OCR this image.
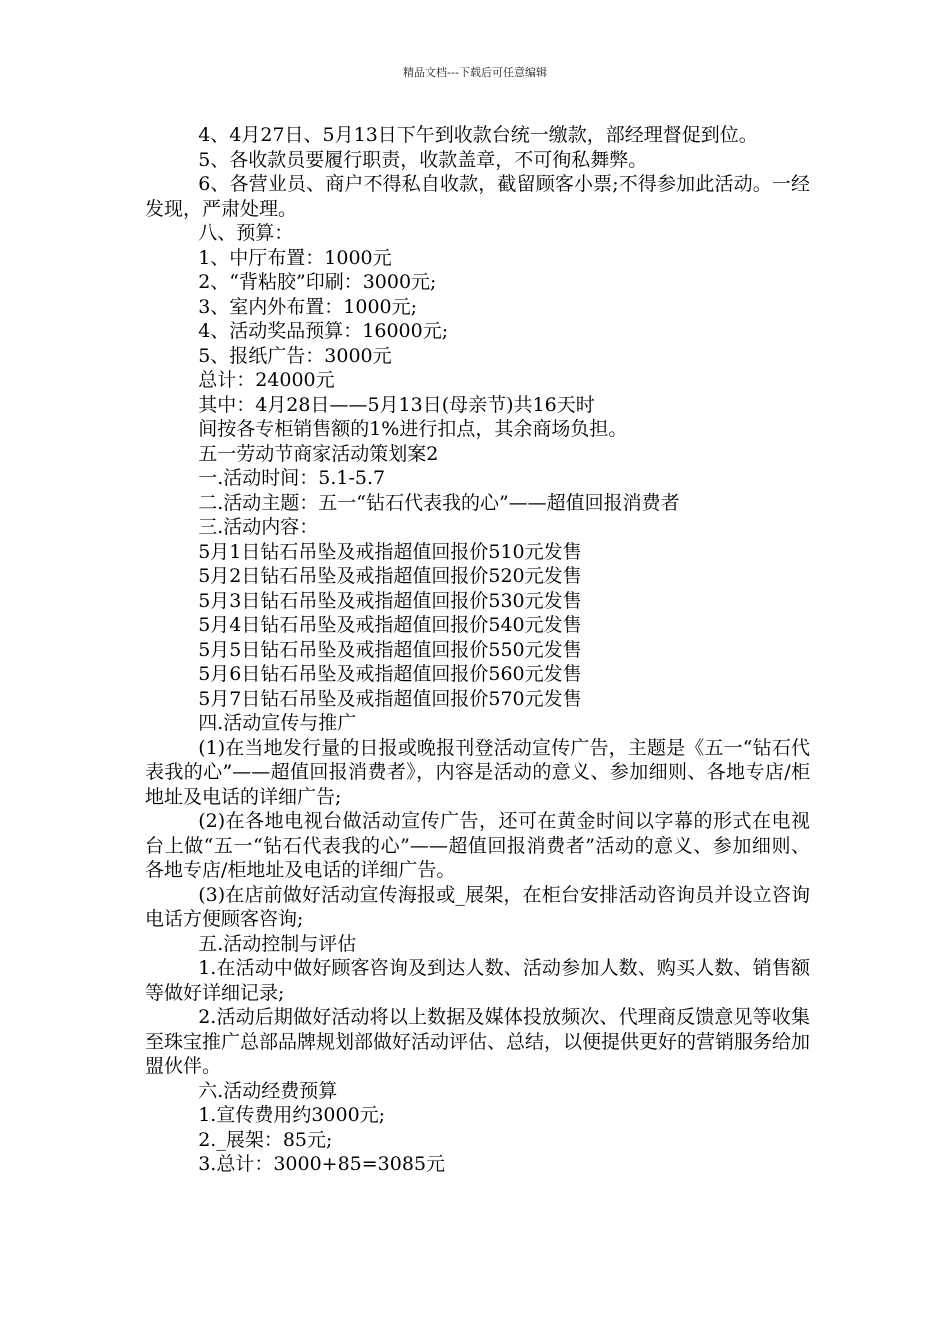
精品文档---下载后可任意编辑

4、4月27日、5月13日下午到收款台统一缴款，部经理督促到位。

5、各收款员要履行职责，收款盖章，不可徇私舞弊。

6、各营业员、商户不得私自收款，截留顾客小票;不得参加此活动。一经发现，严肃处理。

八、预算：

1、中厅布置：1000元

2、“背粘胶”印刷：3000元;

3、室内外布置：1000元;

4、活动奖品预算：16000元;

5、报纸广告：3000元

总计：24000元

其中：4月28日——5月13日(母亲节)共16天时

间按各专柜销售额的1%进行扣点，其余商场负担。

五一劳动节商家活动策划案2

一.活动时间：5.1-5.7

二.活动主题：五一“钻石代表我的心”——超值回报消费者

三.活动内容：

5月1日钻石吊坠及戒指超值回报价510元发售

5月2日钻石吊坠及戒指超值回报价520元发售

5月3日钻石吊坠及戒指超值回报价530元发售

5月4日钻石吊坠及戒指超值回报价540元发售

5月5日钻石吊坠及戒指超值回报价550元发售

5月6日钻石吊坠及戒指超值回报价560元发售

5月7日钻石吊坠及戒指超值回报价570元发售

四.活动宣传与推广

(1)在当地发行量的日报或晚报刊登活动宣传广告，主题是《五一“钻石代表我的心”——超值回报消费者》，内容是活动的意义、参加细则、各地专店/柜地址及电话的详细广告;

(2)在各地电视台做活动宣传广告，还可在黄金时间以字幕的形式在电视台上做“五一“钻石代表我的心”——超值回报消费者”活动的意义、参加细则、各地专店/柜地址及电话的详细广告。

(3)在店前做好活动宣传海报或_展架，在柜台安排活动咨询员并设立咨询电话方便顾客咨询;

五.活动控制与评估

1.在活动中做好顾客咨询及到达人数、活动参加人数、购买人数、销售额等做好详细记录;

2.活动后期做好活动将以上数据及媒体投放频次、代理商反馈意见等收集至珠宝推广总部品牌规划部做好活动评估、总结，以便提供更好的营销服务给加盟伙伴。

六.活动经费预算

1.宣传费用约3000元;

2._展架：85元;

3.总计：3000+85=3085元
